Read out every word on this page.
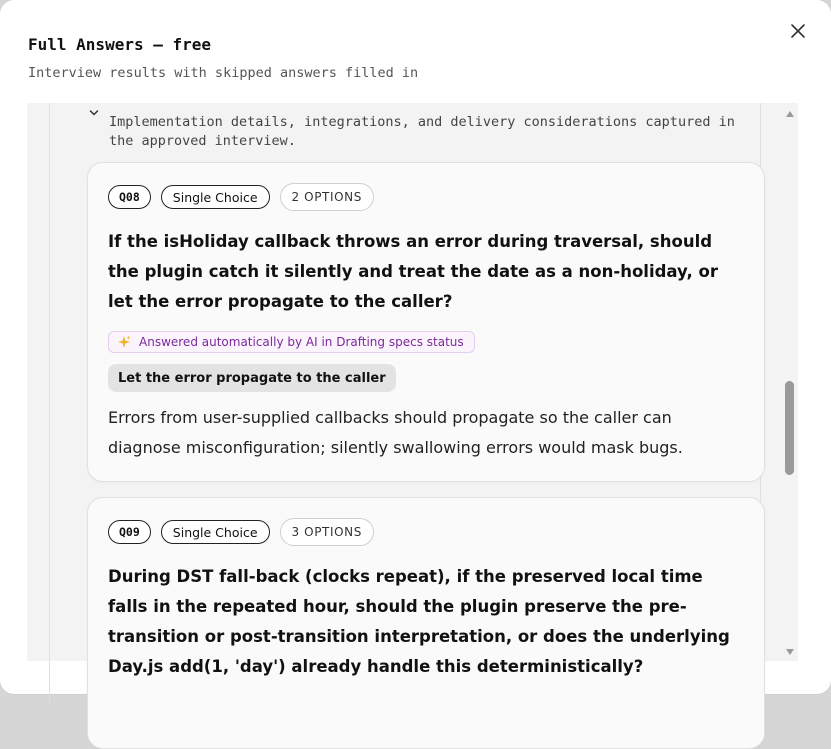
Full Answers — free
Interview results with skipped answers filled in
Implementation details, integrations, and delivery considerations captured in the approved interview.
Q08	Single Choice	2 OPTIONS
If the isHoliday callback throws an error during traversal, should the plugin catch it silently and treat the date as a non-holiday, or let the error propagate to the caller?
Answered automatically by AI in Drafting specs status
Let the error propagate to the caller
Errors from user-supplied callbacks should propagate so the caller can diagnose misconfiguration; silently swallowing errors would mask bugs.
Q09	Single Choice	3 OPTIONS
During DST fall-back (clocks repeat), if the preserved local time falls in the repeated hour, should the plugin preserve the pre-transition or post-transition interpretation, or does the underlying Day.js add(1, 'day') already handle this deterministically?
